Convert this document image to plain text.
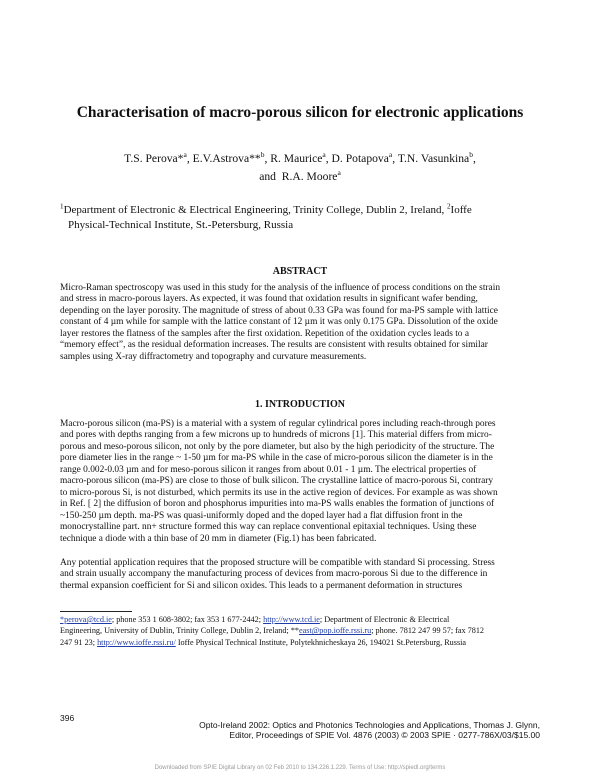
Characterisation of macro-porous silicon for electronic applications
T.S. Perova*$^a$, E.V.Astrova**$^b$, R. Maurice$^a$, D. Potapova$^a$, T.N. Vasunkina$^b$,
and R.A. Moore$^a$
$^1$Department of Electronic & Electrical Engineering, Trinity College, Dublin 2, Ireland, $^2$Ioffe
Physical-Technical Institute, St.-Petersburg, Russia
ABSTRACT
Micro-Raman spectroscopy was used in this study for the analysis of the influence of process conditions on the strain
and stress in macro-porous layers. As expected, it was found that oxidation results in significant wafer bending,
depending on the layer porosity. The magnitude of stress of about 0.33 GPa was found for ma-PS sample with lattice
constant of 4 µm while for sample with the lattice constant of 12 µm it was only 0.175 GPa. Dissolution of the oxide
layer restores the flatness of the samples after the first oxidation. Repetition of the oxidation cycles leads to a
“memory effect”, as the residual deformation increases. The results are consistent with results obtained for similar
samples using X-ray diffractometry and topography and curvature measurements.
1. INTRODUCTION
Macro-porous silicon (ma-PS) is a material with a system of regular cylindrical pores including reach-through pores
and pores with depths ranging from a few microns up to hundreds of microns [1]. This material differs from micro-
porous and meso-porous silicon, not only by the pore diameter, but also by the high periodicity of the structure. The
pore diameter lies in the range ~ 1-50 µm for ma-PS while in the case of micro-porous silicon the diameter is in the
range 0.002-0.03 µm and for meso-porous silicon it ranges from about 0.01 - 1 µm. The electrical properties of
macro-porous silicon (ma-PS) are close to those of bulk silicon. The crystalline lattice of macro-porous Si, contrary
to micro-porous Si, is not disturbed, which permits its use in the active region of devices. For example as was shown
in Ref. [ 2] the diffusion of boron and phosphorus impurities into ma-PS walls enables the formation of junctions of
~150-250 µm depth. ma-PS was quasi-uniformly doped and the doped layer had a flat diffusion front in the
monocrystalline part. nn+ structure formed this way can replace conventional epitaxial techniques. Using these
technique a diode with a thin base of 20 mm in diameter (Fig.1) has been fabricated.
Any potential application requires that the proposed structure will be compatible with standard Si processing. Stress
and strain usually accompany the manufacturing process of devices from macro-porous Si due to the difference in
thermal expansion coefficient for Si and silicon oxides. This leads to a permanent deformation in structures
*perova@tcd.ie; phone 353 1 608-3802; fax 353 1 677-2442; http://www.tcd.ie; Department of Electronic & Electrical
Engineering, University of Dublin, Trinity College, Dublin 2, Ireland; **east@pop.ioffe.rssi.ru; phone. 7812 247 99 57; fax 7812
247 91 23; http://www.ioffe.rssi.ru/ Ioffe Physical Technical Institute, Polytekhnicheskaya 26, 194021 St.Petersburg, Russia
396
Opto-Ireland 2002: Optics and Photonics Technologies and Applications, Thomas J. Glynn,
Editor, Proceedings of SPIE Vol. 4876 (2003) © 2003 SPIE · 0277-786X/03/$15.00
Downloaded from SPIE Digital Library on 02 Feb 2010 to 134.226.1.229. Terms of Use: http://spiedl.org/terms
